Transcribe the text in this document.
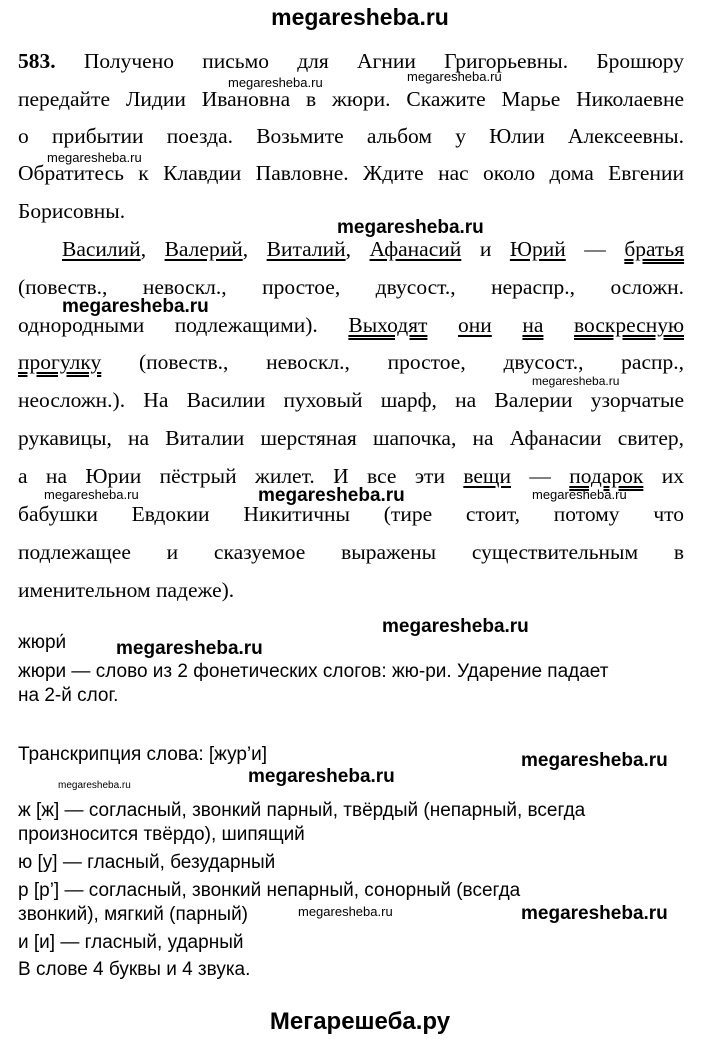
megaresheba.ru
583. Получено письмо для Агнии Григорьевны. Брошюру
передайте Лидии Ивановна в жюри. Скажите Марье Николаевне
о прибытии поезда. Возьмите альбом у Юлии Алексеевны.
Обратитесь к Клавдии Павловне. Ждите нас около дома Евгении
Борисовны.
Василий, Валерий, Виталий, Афанасий и Юрий — братья
(повеств., невоскл., простое, двусост., нераспр., осложн.
однородными подлежащими). Выходят они на воскресную
прогулку (повеств., невоскл., простое, двусост., распр.,
неосложн.). На Василии пуховый шарф, на Валерии узорчатые
рукавицы, на Виталии шерстяная шапочка, на Афанасии свитер,
а на Юрии пёстрый жилет. И все эти вещи — подарок их
бабушки Евдокии Никитичны (тире стоит, потому что
подлежащее и сказуемое выражены существительным в
именительном падеже).
жюри́
жюри — слово из 2 фонетических слогов: жю-ри. Ударение падает
на 2-й слог.
Транскрипция слова: [жур’и]
ж [ж] — согласный, звонкий парный, твёрдый (непарный, всегда
произносится твёрдо), шипящий
ю [у] — гласный, безударный
р [р’] — согласный, звонкий непарный, сонорный (всегда
звонкий), мягкий (парный)
и [и] — гласный, ударный
В слове 4 буквы и 4 звука.
megaresheba.ru	megaresheba.ru
megaresheba.ru
megaresheba.ru
megaresheba.ru
megaresheba.ru
megaresheba.ru	megaresheba.ru	megaresheba.ru
megaresheba.ru
megaresheba.ru
megaresheba.ru
megaresheba.ru
megaresheba.ru
megaresheba.ru	megaresheba.ru
Мегарешеба.ру
